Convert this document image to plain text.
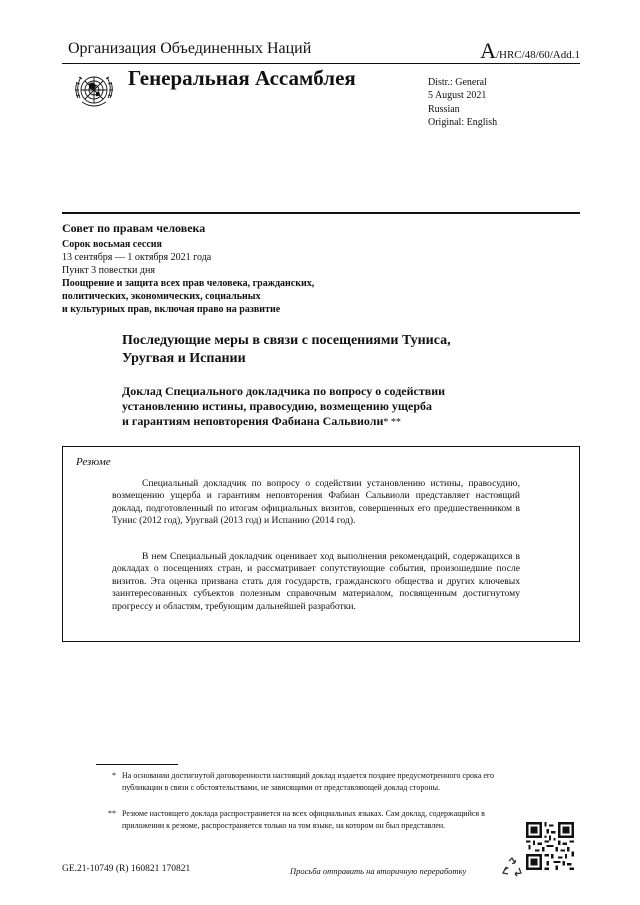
Организация Объединенных Наций	A/HRC/48/60/Add.1
Генеральная Ассамблея	Distr.: General
5 August 2021
Russian
Original: English
Совет по правам человека
Сорок восьмая сессия
13 сентября — 1 октября 2021 года
Пункт 3 повестки дня
Поощрение и защита всех прав человека, гражданских,
политических, экономических, социальных
и культурных прав, включая право на развитие
Последующие меры в связи с посещениями Туниса,
Уругвая и Испании
Доклад Специального докладчика по вопросу о содействии
установлению истины, правосудию, возмещению ущерба
и гарантиям неповторения Фабиана Сальвиоли* **
Резюме
Специальный докладчик по вопросу о содействии установлению истины, правосудию, возмещению ущерба и гарантиям неповторения Фабиан Сальвиоли представляет настоящий доклад, подготовленный по итогам официальных визитов, совершенных его предшественником в Тунис (2012 год), Уругвай (2013 год) и Испанию (2014 год).
В нем Специальный докладчик оценивает ход выполнения рекомендаций, содержащихся в докладах о посещениях стран, и рассматривает сопутствующие события, произошедшие после визитов. Эта оценка призвана стать для государств, гражданского общества и других ключевых заинтересованных субъектов полезным справочным материалом, посвященным достигнутому прогрессу и областям, требующим дальнейшей разработки.
* На основании достигнутой договоренности настоящий доклад издается позднее предусмотренного срока его публикации в связи с обстоятельствами, не зависящими от представляющей доклад стороны.
** Резюме настоящего доклада распространяется на всех официальных языках. Сам доклад, содержащийся в приложении к резюме, распространяется только на том языке, на котором он был представлен.
GE.21-10749 (R) 160821 170821	Просьба отправить на вторичную переработку
